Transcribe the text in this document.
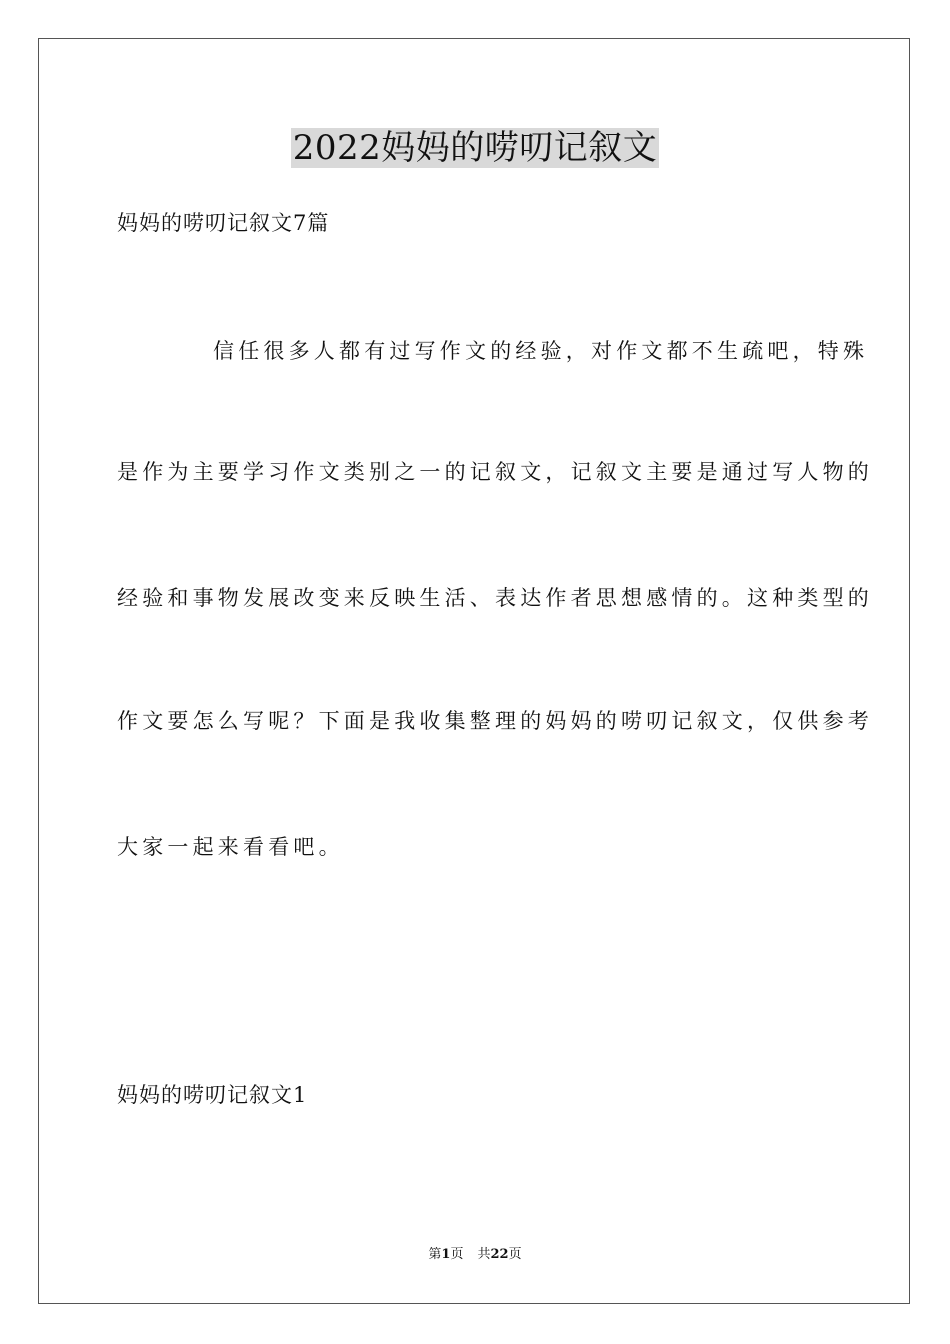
2022妈妈的唠叨记叙文
妈妈的唠叨记叙文7篇
信任很多人都有过写作文的经验，对作文都不生疏吧，特殊
是作为主要学习作文类别之一的记叙文，记叙文主要是通过写人物的
经验和事物发展改变来反映生活、表达作者思想感情的。这种类型的
作文要怎么写呢？下面是我收集整理的妈妈的唠叨记叙文，仅供参考
大家一起来看看吧。
妈妈的唠叨记叙文1
第1页 共22页
